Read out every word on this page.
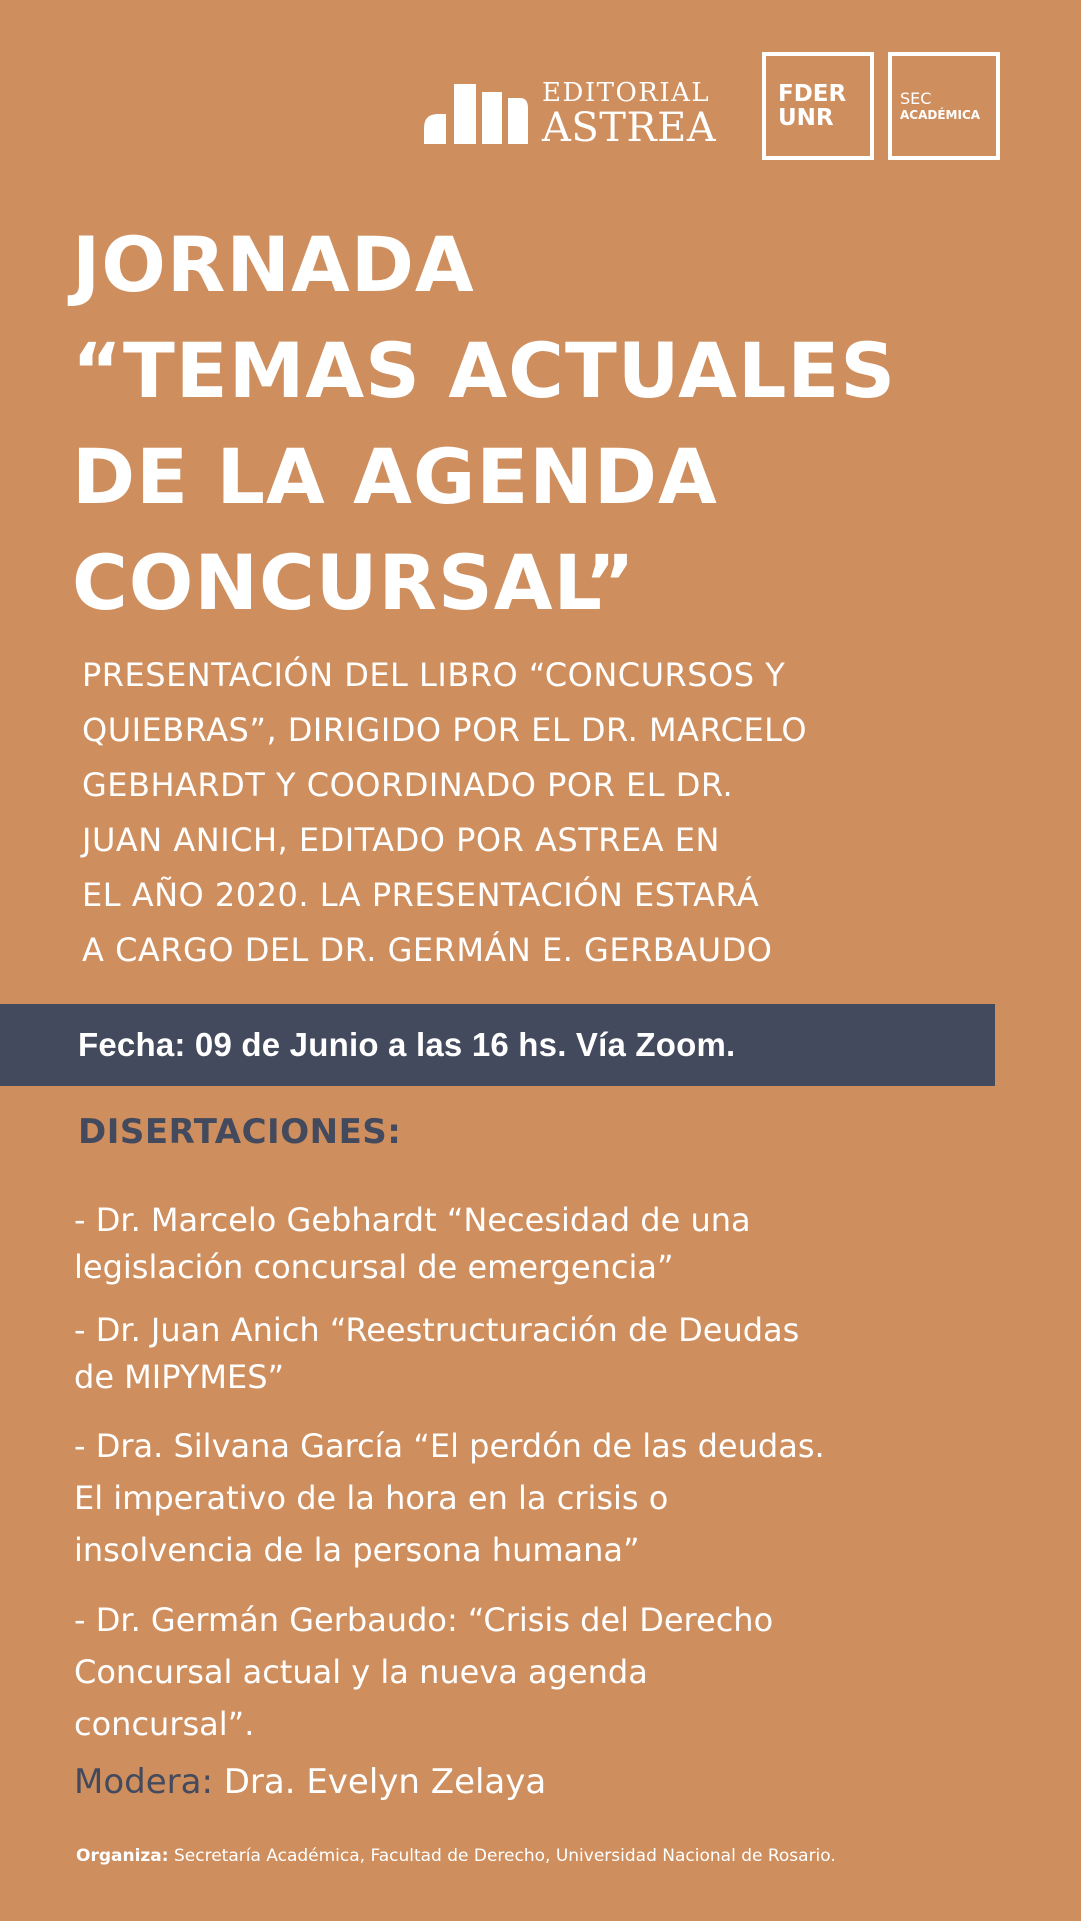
EDITORIAL
ASTREA
FDER
UNR
SEC
ACADÉMICA
JORNADA
“TEMAS ACTUALES
DE LA AGENDA
CONCURSAL”

PRESENTACIÓN DEL LIBRO “CONCURSOS Y
QUIEBRAS”, DIRIGIDO POR EL DR. MARCELO
GEBHARDT Y COORDINADO POR EL DR.
JUAN ANICH, EDITADO POR ASTREA EN
EL AÑO 2020. LA PRESENTACIÓN ESTARÁ
A CARGO DEL DR. GERMÁN E. GERBAUDO

Fecha: 09 de Junio a las 16 hs. Vía Zoom.
DISERTACIONES:

- Dr. Marcelo Gebhardt “Necesidad de una
legislación concursal de emergencia”

- Dr. Juan Anich “Reestructuración de Deudas
de MIPYMES”

- Dra. Silvana García “El perdón de las deudas.
El imperativo de la hora en la crisis o
insolvencia de la persona humana”

- Dr. Germán Gerbaudo: “Crisis del Derecho
Concursal actual y la nueva agenda
concursal”.

Modera: Dra. Evelyn Zelaya

Organiza: Secretaría Académica, Facultad de Derecho, Universidad Nacional de Rosario.
